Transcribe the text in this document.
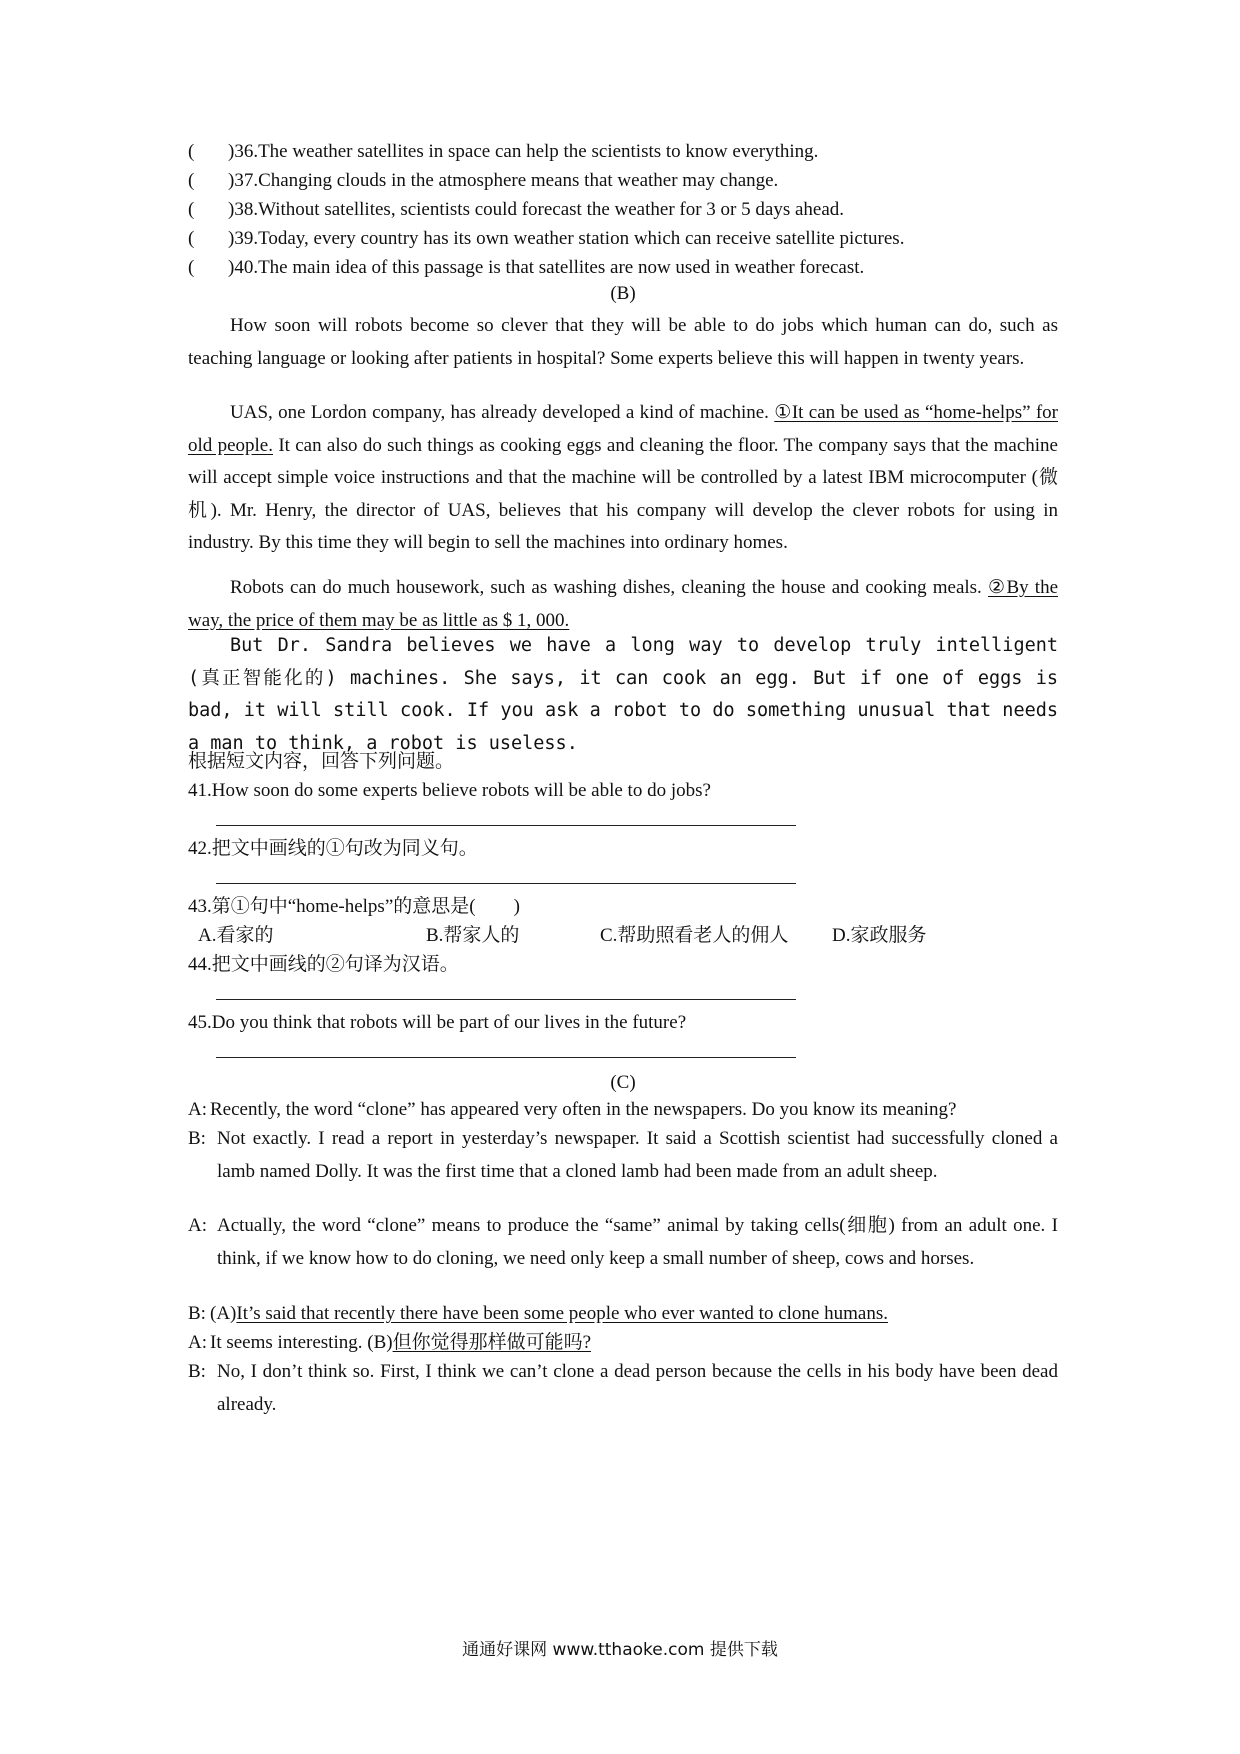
( )36.The weather satellites in space can help the scientists to know everything.
( )37.Changing clouds in the atmosphere means that weather may change.
( )38.Without satellites, scientists could forecast the weather for 3 or 5 days ahead.
( )39.Today, every country has its own weather station which can receive satellite pictures.
( )40.The main idea of this passage is that satellites are now used in weather forecast.
(B)
How soon will robots become so clever that they will be able to do jobs which human can do, such as teaching language or looking after patients in hospital? Some experts believe this will happen in twenty years.
UAS, one Lordon company, has already developed a kind of machine. ①It can be used as “home-helps” for old people. It can also do such things as cooking eggs and cleaning the floor. The company says that the machine will accept simple voice instructions and that the machine will be controlled by a latest IBM microcomputer (微机). Mr. Henry, the director of UAS, believes that his company will develop the clever robots for using in industry. By this time they will begin to sell the machines into ordinary homes.
Robots can do much housework, such as washing dishes, cleaning the house and cooking meals. ②By the way, the price of them may be as little as $ 1, 000.
But Dr. Sandra believes we have a long way to develop truly intelligent (真正智能化的) machines. She says, it can cook an egg. But if one of eggs is bad, it will still cook. If you ask a robot to do something unusual that needs a man to think, a robot is useless.
根据短文内容，回答下列问题。
41.How soon do some experts believe robots will be able to do jobs?
42.把文中画线的①句改为同义句。
43.第①句中“home-helps”的意思是(　　)
A.看家的	B.帮家人的	C.帮助照看老人的佣人 D.家政服务
44.把文中画线的②句译为汉语。
45.Do you think that robots will be part of our lives in the future?
(C)
A: Recently, the word “clone” has appeared very often in the newspapers. Do you know its meaning?
B: Not exactly. I read a report in yesterday’s newspaper. It said a Scottish scientist had successfully cloned a lamb named Dolly. It was the first time that a cloned lamb had been made from an adult sheep.
A: Actually, the word “clone” means to produce the “same” animal by taking cells(细胞) from an adult one. I think, if we know how to do cloning, we need only keep a small number of sheep, cows and horses.
B: (A)It’s said that recently there have been some people who ever wanted to clone humans.
A: It seems interesting. (B)但你觉得那样做可能吗?
B: No, I don’t think so. First, I think we can’t clone a dead person because the cells in his body have been dead already.
通通好课网 www.tthaoke.com 提供下载
